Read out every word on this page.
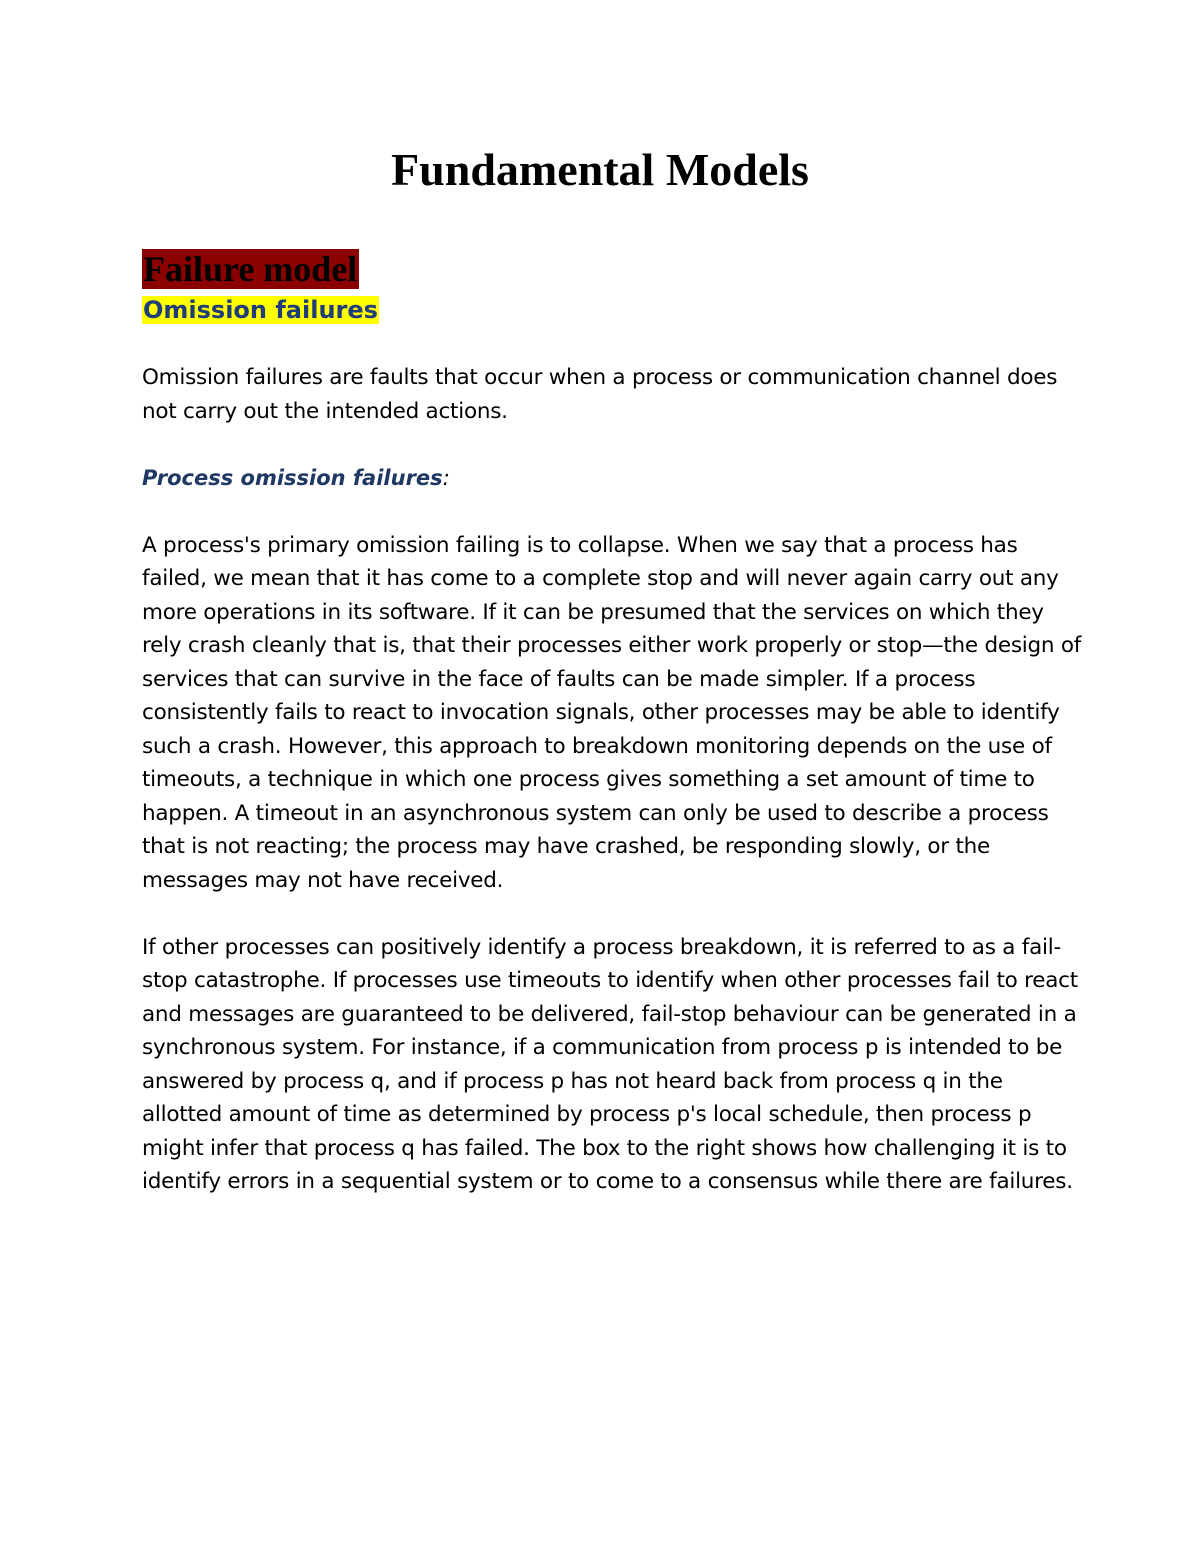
Fundamental Models
Failure model
Omission failures

Omission failures are faults that occur when a process or communication channel does not carry out the intended actions.

Process omission failures:

A process's primary omission failing is to collapse. When we say that a process has failed, we mean that it has come to a complete stop and will never again carry out any more operations in its software. If it can be presumed that the services on which they rely crash cleanly that is, that their processes either work properly or stop—the design of services that can survive in the face of faults can be made simpler. If a process consistently fails to react to invocation signals, other processes may be able to identify such a crash. However, this approach to breakdown monitoring depends on the use of timeouts, a technique in which one process gives something a set amount of time to happen. A timeout in an asynchronous system can only be used to describe a process that is not reacting; the process may have crashed, be responding slowly, or the messages may not have received.

If other processes can positively identify a process breakdown, it is referred to as a fail-stop catastrophe. If processes use timeouts to identify when other processes fail to react and messages are guaranteed to be delivered, fail-stop behaviour can be generated in a synchronous system. For instance, if a communication from process p is intended to be answered by process q, and if process p has not heard back from process q in the allotted amount of time as determined by process p's local schedule, then process p might infer that process q has failed. The box to the right shows how challenging it is to identify errors in a sequential system or to come to a consensus while there are failures.
